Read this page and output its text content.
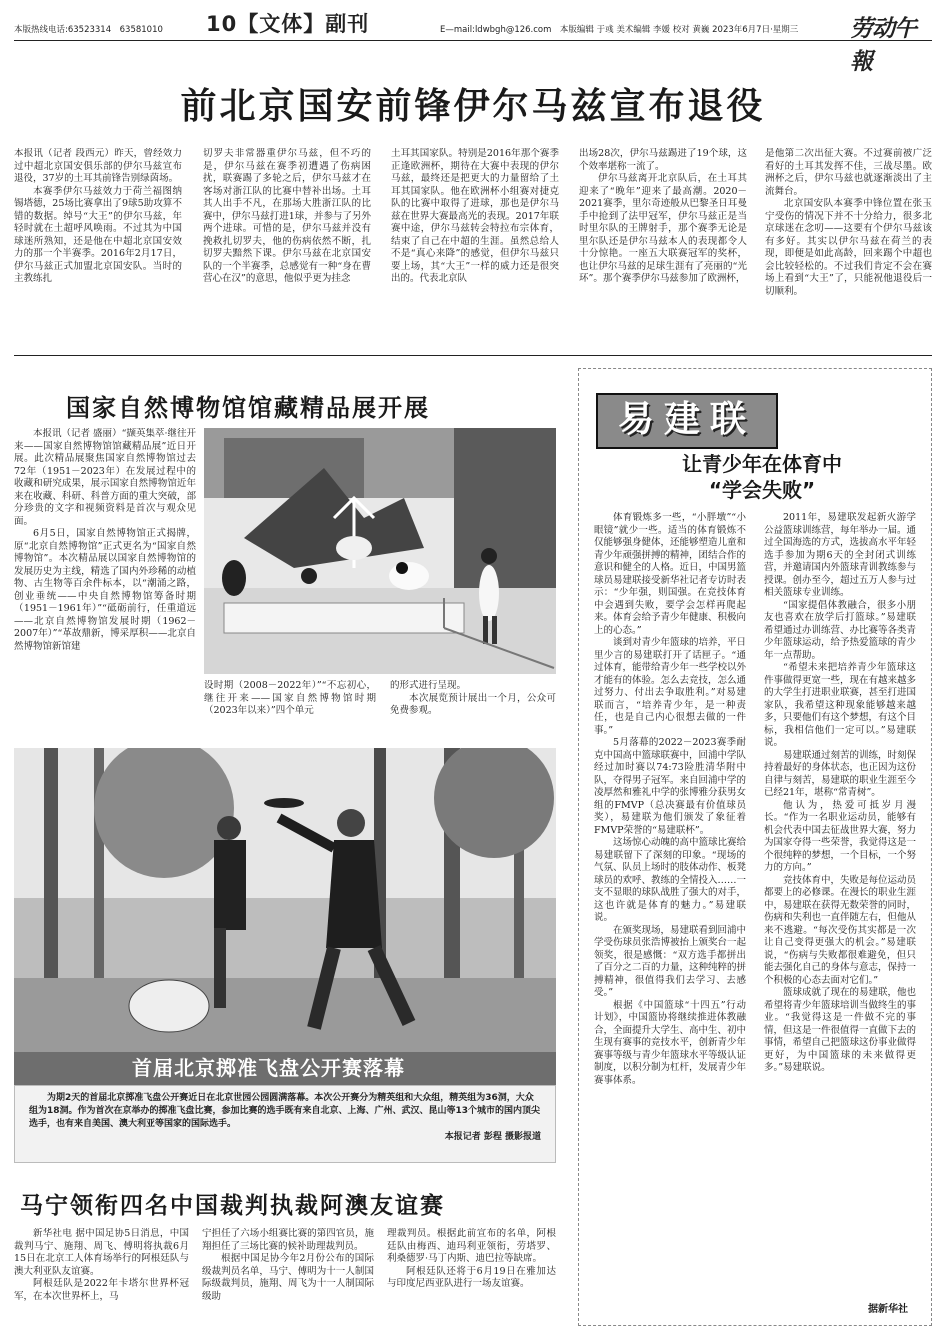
本版热线电话:63523314　63581010 10【文体】副刊	E—mail:ldwbgh@126.com　本版编辑 于彧 美术编辑 李媛 校对 黄巍 2023年6月7日·星期三 劳动午報
前北京国安前锋伊尔马兹宣布退役

本报讯（记者 段西元）昨天，曾经效力过中超北京国安俱乐部的伊尔马兹宣布退役，37岁的土耳其前锋告别绿茵场。

本赛季伊尔马兹效力于荷兰福图纳锡塔德，25场比赛拿出了9球5助攻算不错的数据。绰号“大王”的伊尔马兹，年轻时就在土超呼风唤雨。不过其为中国球迷所熟知，还是他在中超北京国安效力的那一个半赛季。2016年2月17日，伊尔马兹正式加盟北京国安队。当时的主教练扎

切罗夫非常器重伊尔马兹，但不巧的是，伊尔马兹在赛季初遭遇了伤病困扰，联赛踢了多轮之后，伊尔马兹才在客场对浙江队的比赛中替补出场。土耳其人出手不凡，在那场大胜浙江队的比赛中，伊尔马兹打进1球，并参与了另外两个进球。可惜的是，伊尔马兹并没有挽救扎切罗夫，他的伤病依然不断，扎切罗夫黯然下课。伊尔马兹在北京国安队的一个半赛季，总感觉有一种“身在曹营心在汉”的意思，他似乎更为挂念

土耳其国家队。特别是2016年那个赛季正逢欧洲杯，期待在大赛中表现的伊尔马兹，最终还是把更大的力量留给了土耳其国家队。他在欧洲杯小组赛对捷克队的比赛中取得了进球，那也是伊尔马兹在世界大赛最高光的表现。2017年联赛中途，伊尔马兹转会特拉布宗体育，结束了自己在中超的生涯。虽然总给人不是“真心来降”的感觉，但伊尔马兹只要上场，其“大王”一样的威力还是很突出的。代表北京队

出场28次，伊尔马兹踢进了19个球，这个效率堪称一流了。

伊尔马兹离开北京队后，在土耳其迎来了“晚年”迎来了最高潮。2020－2021赛季，里尔奇迹般从巴黎圣日耳曼手中抢到了法甲冠军，伊尔马兹正是当时里尔队的王牌射手，那个赛季无论是里尔队还是伊尔马兹本人的表现都令人十分惊艳。一座五大联赛冠军的奖杯，也让伊尔马兹的足球生涯有了亮丽的“光环”。那个赛季伊尔马兹参加了欧洲杯，

是他第二次出征大赛。不过赛前被广泛看好的土耳其发挥不佳，三战尽墨。欧洲杯之后，伊尔马兹也就逐渐淡出了主流舞台。

北京国安队本赛季中锋位置在张玉宁受伤的情况下并不十分给力，很多北京球迷在念叨——这要有个伊尔马兹该有多好。其实以伊尔马兹在荷兰的表现，即便是如此高龄，回来踢个中超也会比较轻松的。不过我们肯定不会在赛场上看到“大王”了，只能祝他退役后一切顺利。

国家自然博物馆馆藏精品展开展

本报讯（记者 盛丽）“撷英集萃·继往开来——国家自然博物馆馆藏精品展”近日开展。此次精品展聚焦国家自然博物馆过去72年（1951－2023年）在发展过程中的收藏和研究成果，展示国家自然博物馆近年来在收藏、科研、科普方面的重大突破，部分珍贵的文字和视频资料是首次与观众见面。

6月5日，国家自然博物馆正式揭牌，原“北京自然博物馆”正式更名为“国家自然博物馆”。本次精品展以国家自然博物馆的发展历史为主线，精选了国内外珍稀的动植物、古生物等百余件标本，以“潮涌之路，创业垂统——中央自然博物馆筹备时期（1951－1961年）”“砥砺前行，任重道远——北京自然博物馆发展时期（1962－2007年）”“革故鼎新，博采厚积——北京自然博物馆新馆建

设时期（2008－2022年）”“不忘初心，继往开来——国家自然博物馆时期（2023年以来）”四个单元

的形式进行呈现。

本次展览预计展出一个月，公众可免费参观。

首届北京掷准飞盘公开赛落幕
为期2天的首届北京掷准飞盘公开赛近日在北京世园公园圆满落幕。本次公开赛分为精英组和大众组，精英组为36洞，大众组为18洞。作为首次在京举办的掷准飞盘比赛，参加比赛的选手既有来自北京、上海、广州、武汉、昆山等13个城市的国内顶尖选手，也有来自美国、澳大利亚等国家的国际选手。
本报记者 彭程 摄影报道
马宁领衔四名中国裁判执裁阿澳友谊赛

新华社电 据中国足协5日消息，中国裁判马宁、施翔、周飞、傅明将执裁6月15日在北京工人体育场举行的阿根廷队与澳大利亚队友谊赛。

阿根廷队是2022年卡塔尔世界杯冠军，在本次世界杯上，马

宁担任了六场小组赛比赛的第四官员，施翔担任了三场比赛的候补助理裁判员。

根据中国足协今年2月份公布的国际级裁判员名单，马宁、傅明为十一人制国际级裁判员，施翔、周飞为十一人制国际级助

理裁判员。根据此前宣布的名单，阿根廷队由梅西、迪玛利亚领衔，劳塔罗、利桑德罗·马丁内斯、迪巴拉等缺席。

阿根廷队还将于6月19日在雅加达与印度尼西亚队进行一场友谊赛。

易建联
让青少年在体育中
“学会失败”

体育锻炼多一些，“小胖墩”“小眼镜”就少一些。适当的体育锻炼不仅能够强身健体，还能够塑造儿童和青少年顽强拼搏的精神，团结合作的意识和健全的人格。近日，中国男篮球员易建联接受新华社记者专访时表示：“少年强，则国强。在竞技体育中会遇到失败，要学会怎样再爬起来。体育会给予青少年健康、积极向上的心态。”

谈到对青少年篮球的培养，平日里少言的易建联打开了话匣子。“通过体育，能带给青少年一些学校以外才能有的体验。怎么去竞技，怎么通过努力、付出去争取胜利。”对易建联而言，“培养青少年，是一种责任，也是自己内心很想去做的一件事。”

5月落幕的2022－2023赛季耐克中国高中篮球联赛中，回浦中学队经过加时赛以74:73险胜清华附中队，夺得男子冠军。来自回浦中学的凌厚然和雅礼中学的张博雅分获男女组的FMVP（总决赛最有价值球员奖），易建联为他们颁发了象征着FMVP荣誉的“易建联杯”。

这场惊心动魄的高中篮球比赛给易建联留下了深刻的印象。“现场的气氛、队员上场时的肢体动作、板凳球员的欢呼、教练的全情投入……一支不显眼的球队战胜了强大的对手，这也许就是体育的魅力。”易建联说。

在颁奖现场，易建联看到回浦中学受伤球员张浩博被抬上颁奖台一起领奖，很是感慨：“双方选手都拼出了百分之二百的力量，这种纯粹的拼搏精神，很值得我们去学习、去感受。”

根据《中国篮球“十四五”行动计划》，中国篮协将继续推进体教融合，全面提升大学生、高中生、初中生现有赛事的竞技水平，创新青少年赛事等级与青少年篮球水平等级认证制度，以积分制为杠杆，发展青少年赛事体系。

2011年，易建联发起新火游学公益篮球训练营，每年举办一届。通过全国海选的方式，选拔高水平年轻选手参加为期6天的全封闭式训练营，并邀请国内外篮球青训教练参与授课。创办至今，超过五万人参与过相关篮球专业训练。

“国家提倡体教融合，很多小朋友也喜欢在放学后打篮球。”易建联希望通过办训练营、办比赛等各类青少年篮球运动，给予热爱篮球的青少年一点帮助。

“希望未来把培养青少年篮球这件事做得更宽一些，现在有越来越多的大学生打进职业联赛，甚至打进国家队，我希望这种现象能够越来越多，只要他们有这个梦想，有这个目标，我相信他们一定可以。”易建联说。

易建联通过刻苦的训练，时刻保持着最好的身体状态，也正因为这份自律与刻苦，易建联的职业生涯至今已经21年，堪称“常青树”。

他认为，热爱可抵岁月漫长。“作为一名职业运动员，能够有机会代表中国去征战世界大赛，努力为国家夺得一些荣誉，我觉得这是一个很纯粹的梦想，一个目标，一个努力的方向。”

竞技体育中，失败是每位运动员都要上的必修课。在漫长的职业生涯中，易建联在获得无数荣誉的同时，伤病和失利也一直伴随左右，但他从来不逃避。“每次受伤其实都是一次让自己变得更强大的机会。”易建联说，“伤病与失败都很难避免，但只能去强化自己的身体与意志，保持一个积极的心态去面对它们。”

篮球成就了现在的易建联，他也希望将青少年篮球培训当做终生的事业。“我觉得这是一件做不完的事情，但这是一件很值得一直做下去的事情，希望自己把篮球这份事业做得更好，为中国篮球的未来做得更多。”易建联说。

据新华社
